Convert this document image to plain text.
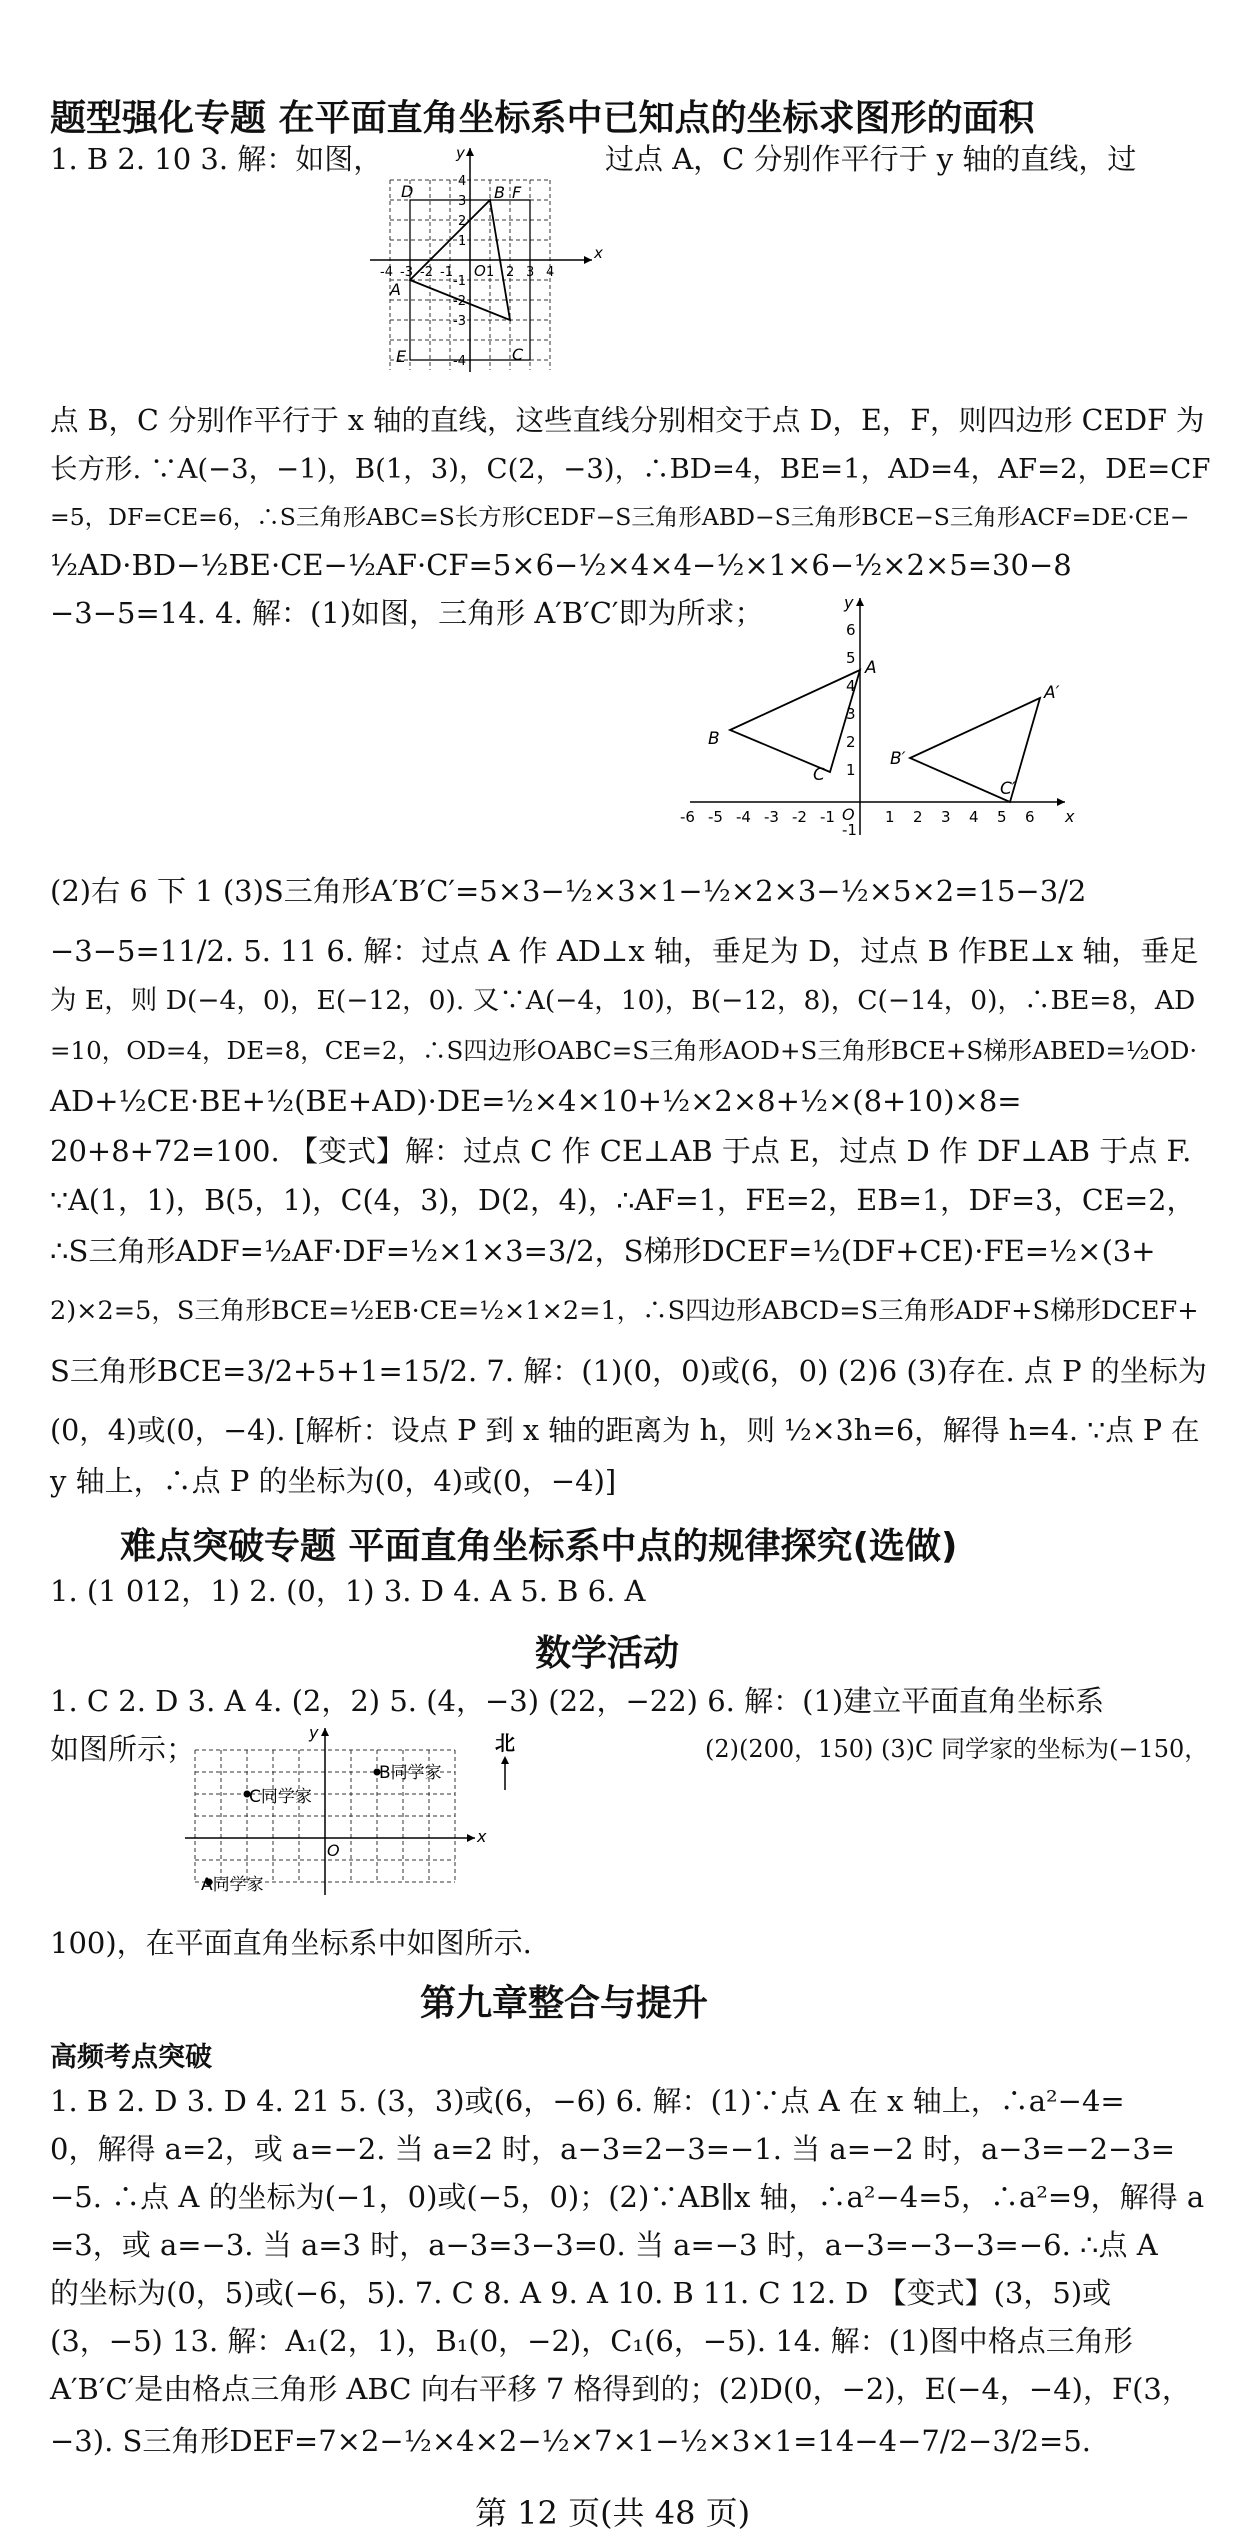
题型强化专题 在平面直角坐标系中已知点的坐标求图形的面积

1. B 2. 10 3. 解：如图，	过点 A，C 分别作平行于 y 轴的直线，过

D	B F
A
C
E
O
x
y
-4 -3 -2 -1	1 2 3 4
4
3
2
1
-1
-2
-3
-4

点 B，C 分别作平行于 x 轴的直线，这些直线分别相交于点 D，E，F，则四边形 CEDF 为

长方形. ∵A(−3，−1)，B(1，3)，C(2，−3)，∴BD=4，BE=1，AD=4，AF=2，DE=CF

=5，DF=CE=6，∴S三角形ABC=S长方形CEDF−S三角形ABD−S三角形BCE−S三角形ACF=DE·CE−

½AD·BD−½BE·CE−½AF·CF=5×6−½×4×4−½×1×6−½×2×5=30−8

−3−5=14. 4. 解：(1)如图，三角形 A′B′C′即为所求；

A
B
C
A′
B′
C′
O	x
y
-6 -5 -4 -3 -2 -1	1 2 3 4 5 6
6
5
4
3
2
1
-1

(2)右 6 下 1 (3)S三角形A′B′C′=5×3−½×3×1−½×2×3−½×5×2=15−3/2

−3−5=11/2. 5. 11 6. 解：过点 A 作 AD⊥x 轴，垂足为 D，过点 B 作BE⊥x 轴，垂足

为 E，则 D(−4，0)，E(−12，0). 又∵A(−4，10)，B(−12，8)，C(−14，0)，∴BE=8，AD

=10，OD=4，DE=8，CE=2，∴S四边形OABC=S三角形AOD+S三角形BCE+S梯形ABED=½OD·

AD+½CE·BE+½(BE+AD)·DE=½×4×10+½×2×8+½×(8+10)×8=

20+8+72=100. 【变式】解：过点 C 作 CE⊥AB 于点 E，过点 D 作 DF⊥AB 于点 F.

∵A(1，1)，B(5，1)，C(4，3)，D(2，4)，∴AF=1，FE=2，EB=1，DF=3，CE=2，

∴S三角形ADF=½AF·DF=½×1×3=3/2，S梯形DCEF=½(DF+CE)·FE=½×(3+

2)×2=5，S三角形BCE=½EB·CE=½×1×2=1，∴S四边形ABCD=S三角形ADF+S梯形DCEF+

S三角形BCE=3/2+5+1=15/2. 7. 解：(1)(0，0)或(6，0) (2)6 (3)存在. 点 P 的坐标为

(0，4)或(0，−4). [解析：设点 P 到 x 轴的距离为 h，则 ½×3h=6，解得 h=4. ∵点 P 在

y 轴上，∴点 P 的坐标为(0，4)或(0，−4)]

难点突破专题 平面直角坐标系中点的规律探究(选做)

1. (1 012，1) 2. (0，1) 3. D 4. A 5. B 6. A

数学活动

1. C 2. D 3. A 4. (2，2) 5. (4，−3) (22，−22) 6. 解：(1)建立平面直角坐标系

如图所示；	(2)(200，150) (3)C 同学家的坐标为(−150，

北
B同学家
C同学家
A同学家
O
x
y

100)，在平面直角坐标系中如图所示.

第九章整合与提升

高频考点突破

1. B 2. D 3. D 4. 21 5. (3，3)或(6，−6) 6. 解：(1)∵点 A 在 x 轴上，∴a²−4=

0，解得 a=2，或 a=−2. 当 a=2 时，a−3=2−3=−1. 当 a=−2 时，a−3=−2−3=

−5. ∴点 A 的坐标为(−1，0)或(−5，0)；(2)∵AB∥x 轴，∴a²−4=5，∴a²=9，解得 a

=3，或 a=−3. 当 a=3 时，a−3=3−3=0. 当 a=−3 时，a−3=−3−3=−6. ∴点 A

的坐标为(0，5)或(−6，5). 7. C 8. A 9. A 10. B 11. C 12. D 【变式】(3，5)或

(3，−5) 13. 解：A₁(2，1)，B₁(0，−2)，C₁(6，−5). 14. 解：(1)图中格点三角形

A′B′C′是由格点三角形 ABC 向右平移 7 格得到的；(2)D(0，−2)，E(−4，−4)，F(3，

−3). S三角形DEF=7×2−½×4×2−½×7×1−½×3×1=14−4−7/2−3/2=5.

第 12 页(共 48 页)
